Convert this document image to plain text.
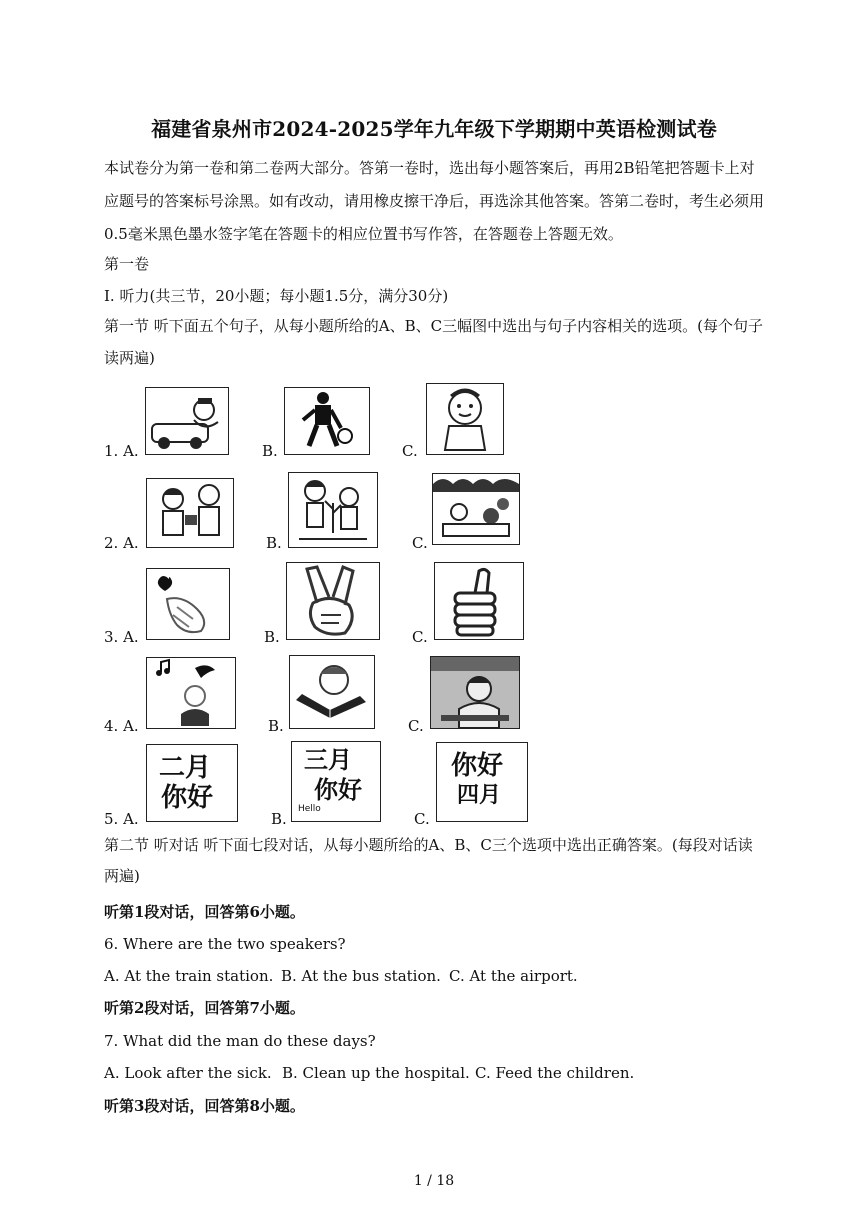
福建省泉州市2024-2025学年九年级下学期期中英语检测试卷
本试卷分为第一卷和第二卷两大部分。答第一卷时，选出每小题答案后，再用2B铅笔把答题卡上对应题号的答案标号涂黑。如有改动，请用橡皮擦干净后，再选涂其他答案。答第二卷时，考生必须用0.5毫米黑色墨水签字笔在答题卡的相应位置书写作答，在答题卷上答题无效。
第一卷
I. 听力(共三节，20小题；每小题1.5分，满分30分)
第一节 听下面五个句子，从每小题所给的A、B、C三幅图中选出与句子内容相关的选项。(每个句子读两遍)
1. A.	B.	C.
2. A.	B.	C.
3. A.	B.	C.
4. A.	B.	C.
5. A.	B.	C.
二月
你好
三月
你好
Hello
你好
四月
第二节 听对话 听下面七段对话，从每小题所给的A、B、C三个选项中选出正确答案。(每段对话读两遍)
听第1段对话，回答第6小题。
6. Where are the two speakers?
A. At the train station. B. At the bus station. C. At the airport.
听第2段对话，回答第7小题。
7. What did the man do these days?
A. Look after the sick. B. Clean up the hospital. C. Feed the children.
听第3段对话，回答第8小题。
1 / 18
